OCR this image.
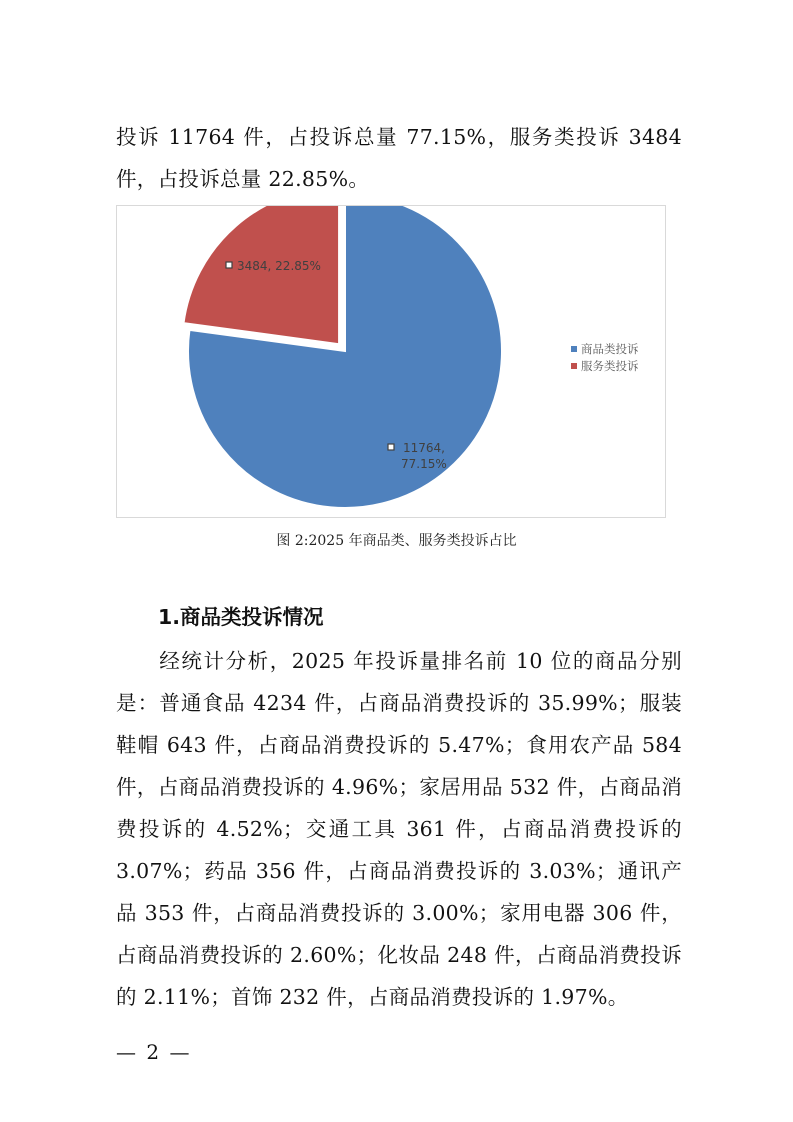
投诉 11764 件，占投诉总量 77.15%，服务类投诉 3484 件，占投诉总量 22.85%。

11764, 77.15%
3484, 22.85%
商品类投诉
服务类投诉
图 2:2025 年商品类、服务类投诉占比
1.商品类投诉情况

经统计分析，2025 年投诉量排名前 10 位的商品分别是：普通食品 4234 件，占商品消费投诉的 35.99%；服装鞋帽 643 件，占商品消费投诉的 5.47%；食用农产品 584 件，占商品消费投诉的 4.96%；家居用品 532 件，占商品消费投诉的 4.52%；交通工具 361 件，占商品消费投诉的 3.07%；药品 356 件，占商品消费投诉的 3.03%；通讯产品 353 件，占商品消费投诉的 3.00%；家用电器 306 件，占商品消费投诉的 2.60%；化妆品 248 件，占商品消费投诉的 2.11%；首饰 232 件，占商品消费投诉的 1.97%。

— 2 —
